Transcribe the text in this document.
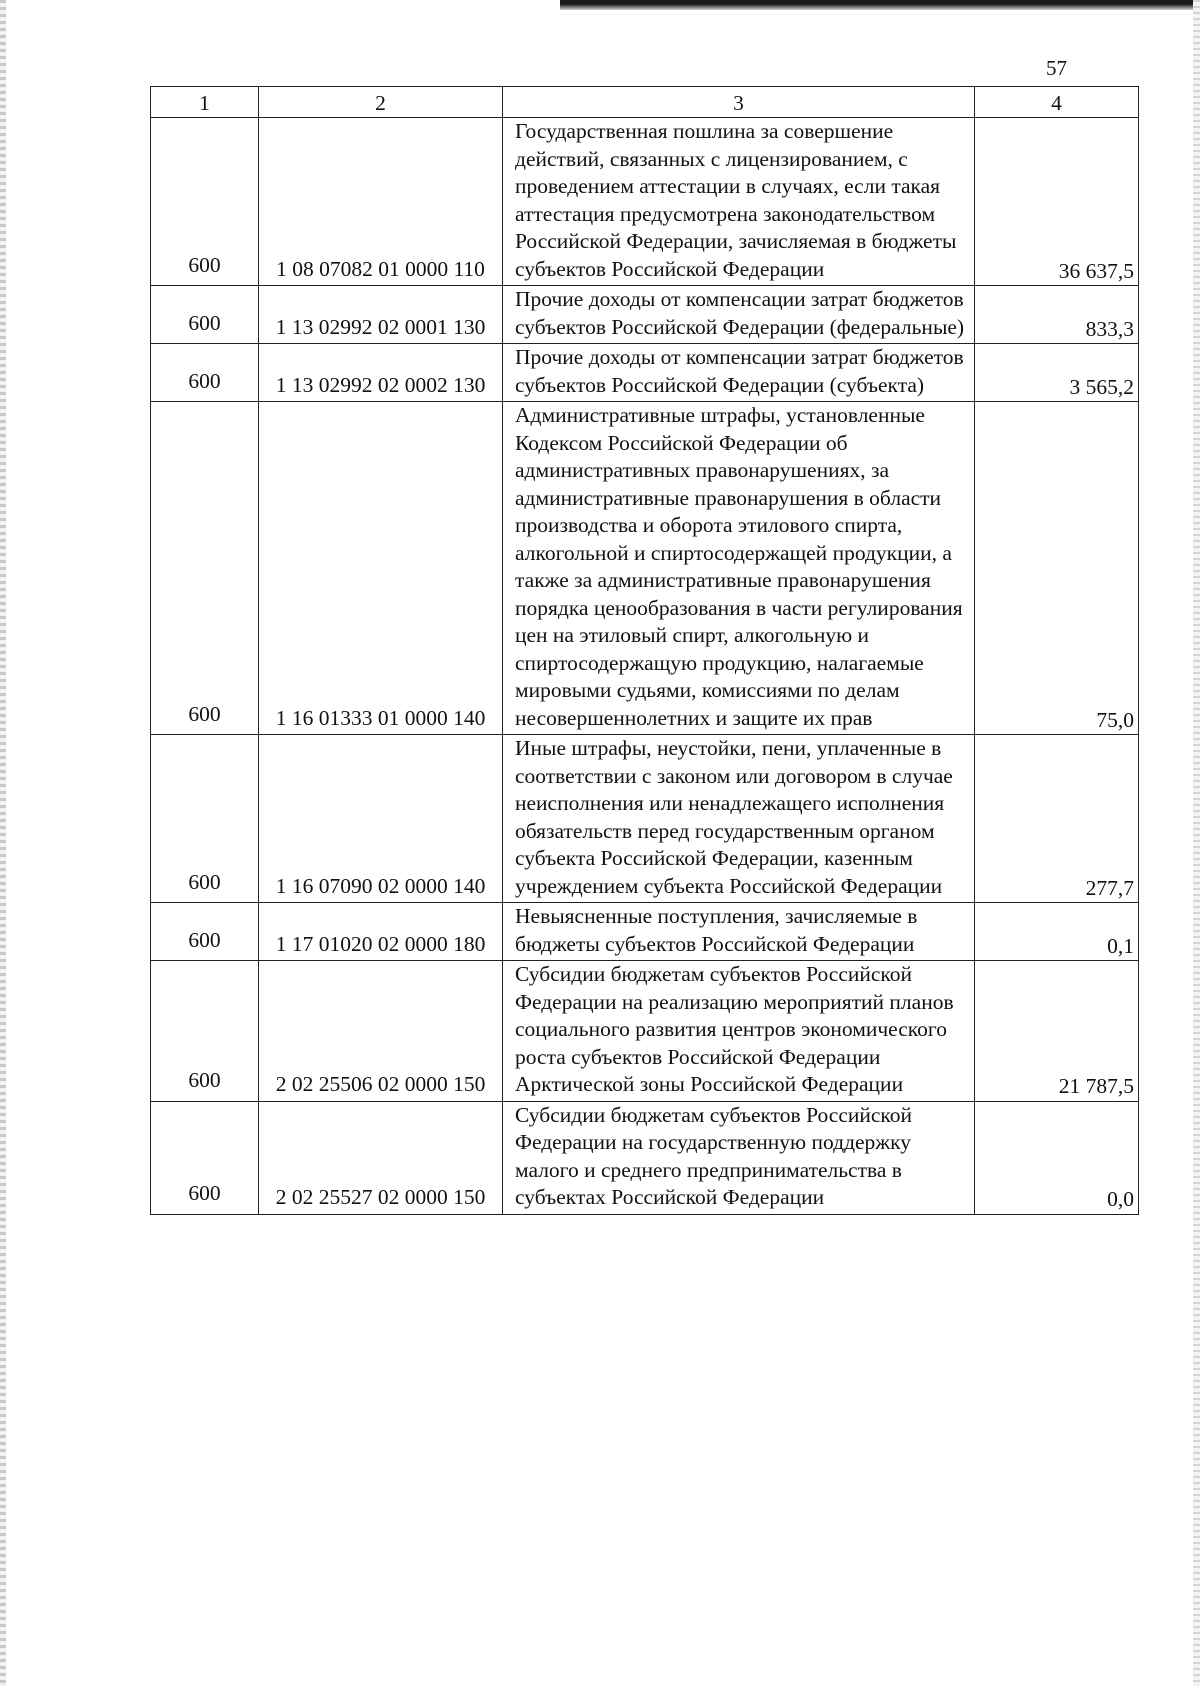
57
1	2	3	4
600	1 08 07082 01 0000 110	Государственная пошлина за совершение действий, связанных с лицензированием, с проведением аттестации в случаях, если такая аттестация предусмотрена законодательством Российской Федерации, зачисляемая в бюджеты субъектов Российской Федерации	36 637,5
600	1 13 02992 02 0001 130	Прочие доходы от компенсации затрат бюджетов субъектов Российской Федерации (федеральные)	833,3
600	1 13 02992 02 0002 130	Прочие доходы от компенсации затрат бюджетов субъектов Российской Федерации (субъекта)	3 565,2
600	1 16 01333 01 0000 140	Административные штрафы, установленные Кодексом Российской Федерации об административных правонарушениях, за административные правонарушения в области производства и оборота этилового спирта, алкогольной и спиртосодержащей продукции, а также за административные правонарушения порядка ценообразования в части регулирования цен на этиловый спирт, алкогольную и спиртосодержащую продукцию, налагаемые мировыми судьями, комиссиями по делам несовершеннолетних и защите их прав	75,0
600	1 16 07090 02 0000 140	Иные штрафы, неустойки, пени, уплаченные в соответствии с законом или договором в случае неисполнения или ненадлежащего исполнения обязательств перед государственным органом субъекта Российской Федерации, казенным учреждением субъекта Российской Федерации	277,7
600	1 17 01020 02 0000 180	Невыясненные поступления, зачисляемые в бюджеты субъектов Российской Федерации	0,1
600	2 02 25506 02 0000 150	Субсидии бюджетам субъектов Российской Федерации на реализацию мероприятий планов социального развития центров экономического роста субъектов Российской Федерации Арктической зоны Российской Федерации	21 787,5
600	2 02 25527 02 0000 150	Субсидии бюджетам субъектов Российской Федерации на государственную поддержку малого и среднего предпринимательства в субъектах Российской Федерации	0,0
